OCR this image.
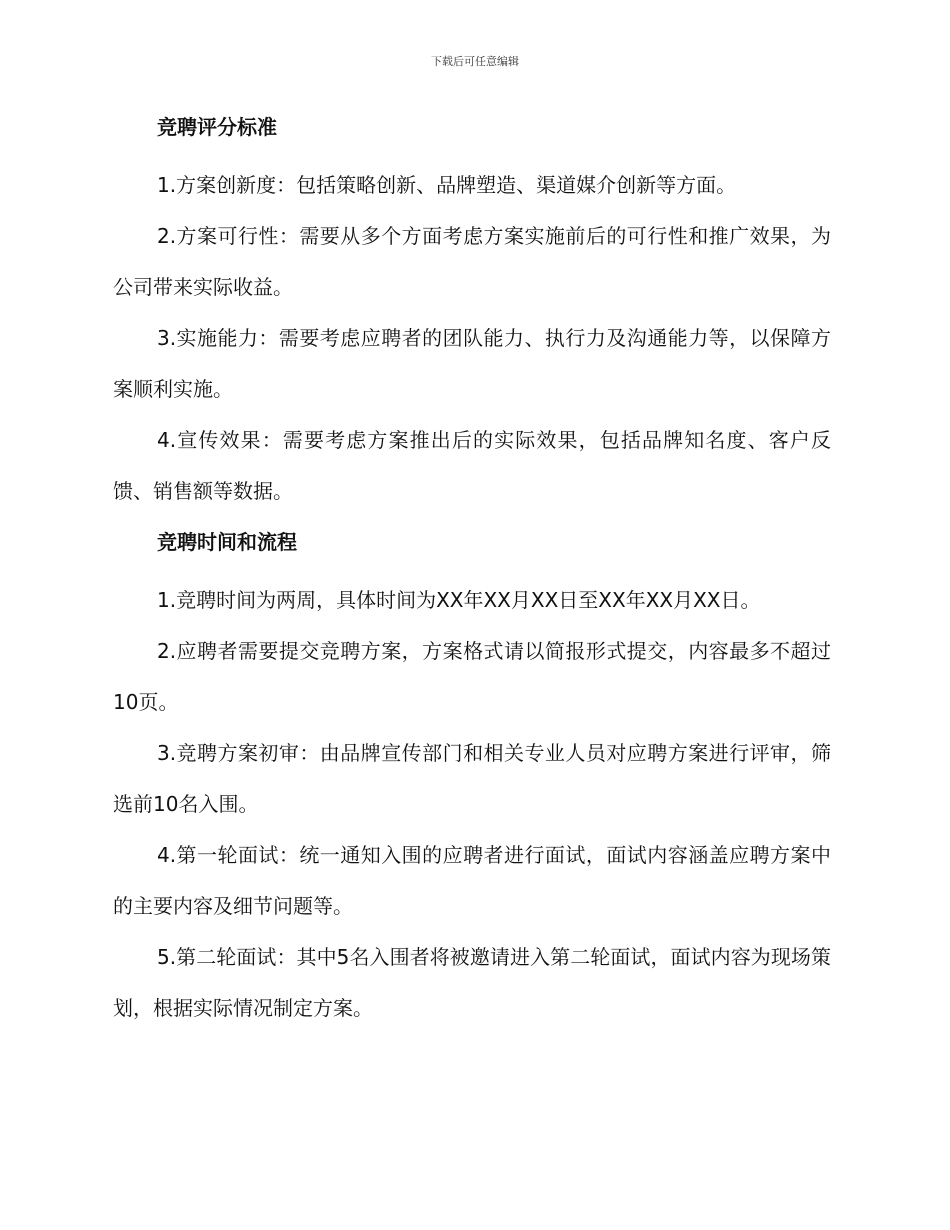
下载后可任意编辑
竞聘评分标准

1.方案创新度：包括策略创新、品牌塑造、渠道媒介创新等方面。

2.方案可行性：需要从多个方面考虑方案实施前后的可行性和推广效果，为公司带来实际收益。

3.实施能力：需要考虑应聘者的团队能力、执行力及沟通能力等，以保障方案顺利实施。

4.宣传效果：需要考虑方案推出后的实际效果，包括品牌知名度、客户反馈、销售额等数据。

竞聘时间和流程

1.竞聘时间为两周，具体时间为XX年XX月XX日至XX年XX月XX日。

2.应聘者需要提交竞聘方案，方案格式请以简报形式提交，内容最多不超过10页。

3.竞聘方案初审：由品牌宣传部门和相关专业人员对应聘方案进行评审，筛选前10名入围。

4.第一轮面试：统一通知入围的应聘者进行面试，面试内容涵盖应聘方案中的主要内容及细节问题等。

5.第二轮面试：其中5名入围者将被邀请进入第二轮面试，面试内容为现场策划，根据实际情况制定方案。
